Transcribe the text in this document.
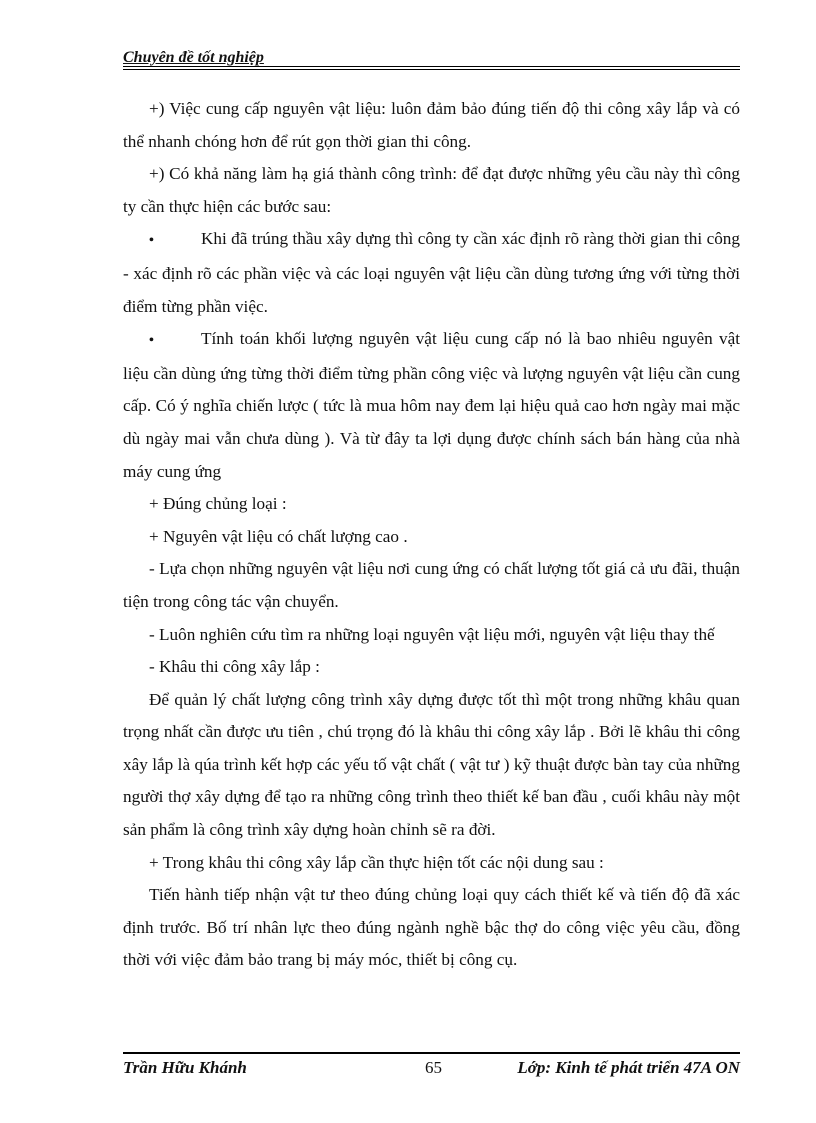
Chuyên đề tốt nghiệp

+) Việc cung cấp nguyên vật liệu: luôn đảm bảo đúng tiến độ thi công xây lắp và có thể nhanh chóng hơn để rút gọn thời gian thi công.

+) Có khả năng làm hạ giá thành công trình: để đạt được những yêu cầu này thì công ty cần thực hiện các bước sau:

•	Khi đã trúng thầu xây dựng thì công ty cần xác định rõ ràng thời gian thi công - xác định rõ các phần việc và các loại nguyên vật liệu cần dùng tương ứng với từng thời điểm từng phần việc.

•	Tính toán khối lượng nguyên vật liệu cung cấp nó là bao nhiêu nguyên vật liệu cần dùng ứng từng thời điểm từng phần công việc và lượng nguyên vật liệu cần cung cấp. Có ý nghĩa chiến lược ( tức là mua hôm nay đem lại hiệu quả cao hơn ngày mai mặc dù ngày mai vẫn chưa dùng ). Và từ đây ta lợi dụng được chính sách bán hàng của nhà máy cung ứng

+ Đúng chủng loại :

+ Nguyên vật liệu có chất lượng cao .

- Lựa chọn những nguyên vật liệu nơi cung ứng có chất lượng tốt giá cả ưu đãi, thuận tiện trong công tác vận chuyển.

- Luôn nghiên cứu tìm ra những loại nguyên vật liệu mới, nguyên vật liệu thay thế

- Khâu thi công xây lắp :

Để quản lý chất lượng công trình xây dựng được tốt thì một trong những khâu quan trọng nhất cần được ưu tiên , chú trọng đó là khâu thi công xây lắp . Bởi lẽ khâu thi công xây lắp là qúa trình kết hợp các yếu tố vật chất ( vật tư ) kỹ thuật được bàn tay của những người thợ xây dựng để tạo ra những công trình theo thiết kế ban đầu , cuối khâu này một sản phẩm là công trình xây dựng hoàn chỉnh sẽ ra đời.

+ Trong khâu thi công xây lắp cần thực hiện tốt các nội dung sau :

Tiến hành tiếp nhận vật tư theo đúng chủng loại quy cách thiết kế và tiến độ đã xác định trước. Bố trí nhân lực theo đúng ngành nghề bậc thợ do công việc yêu cầu, đồng thời với việc đảm bảo trang bị máy móc, thiết bị công cụ.

Trần Hữu Khánh	65	Lớp: Kinh tế phát triển 47A ON
